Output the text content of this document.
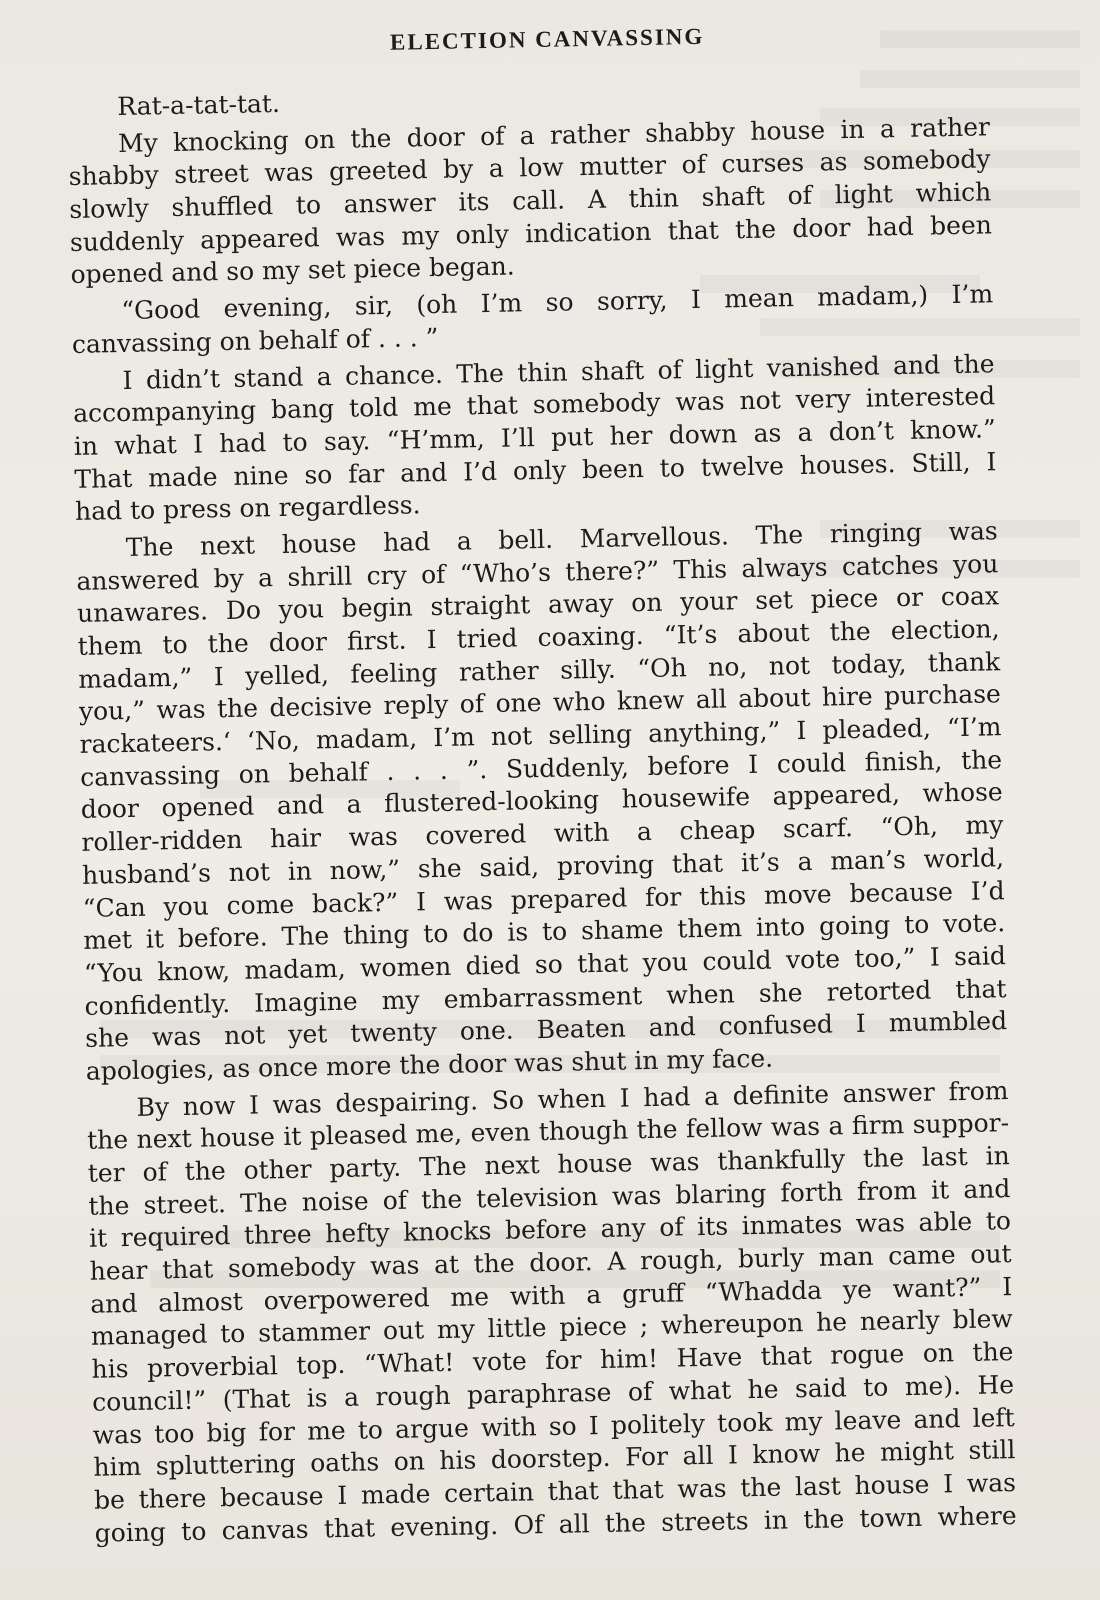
ELECTION CANVASSING
Rat-a-tat-tat.
My knocking on the door of a rather shabby house in a rather
shabby street was greeted by a low mutter of curses as somebody
slowly shuffled to answer its call. A thin shaft of light which
suddenly appeared was my only indication that the door had been
opened and so my set piece began.
“Good evening, sir, (oh I’m so sorry, I mean madam,) I’m
canvassing on behalf of . . . ”
I didn’t stand a chance. The thin shaft of light vanished and the
accompanying bang told me that somebody was not very interested
in what I had to say. “H’mm, I’ll put her down as a don’t know.”
That made nine so far and I’d only been to twelve houses. Still, I
had to press on regardless.
The next house had a bell. Marvellous. The ringing was
answered by a shrill cry of “Who’s there?” This always catches you
unawares. Do you begin straight away on your set piece or coax
them to the door first. I tried coaxing. “It’s about the election,
madam,” I yelled, feeling rather silly. “Oh no, not today, thank
you,” was the decisive reply of one who knew all about hire purchase
rackateers.‘ ‘No, madam, I’m not selling anything,” I pleaded, “I’m
canvassing on behalf . . . ”. Suddenly, before I could finish, the
door opened and a flustered-looking housewife appeared, whose
roller-ridden hair was covered with a cheap scarf. “Oh, my
husband’s not in now,” she said, proving that it’s a man’s world,
“Can you come back?” I was prepared for this move because I’d
met it before. The thing to do is to shame them into going to vote.
“You know, madam, women died so that you could vote too,” I said
confidently. Imagine my embarrassment when she retorted that
she was not yet twenty one. Beaten and confused I mumbled
apologies, as once more the door was shut in my face.
By now I was despairing. So when I had a definite answer from
the next house it pleased me, even though the fellow was a firm suppor-
ter of the other party. The next house was thankfully the last in
the street. The noise of the television was blaring forth from it and
it required three hefty knocks before any of its inmates was able to
hear that somebody was at the door. A rough, burly man came out
and almost overpowered me with a gruff “Whadda ye want?” I
managed to stammer out my little piece ; whereupon he nearly blew
his proverbial top. “What! vote for him! Have that rogue on the
council!” (That is a rough paraphrase of what he said to me). He
was too big for me to argue with so I politely took my leave and left
him spluttering oaths on his doorstep. For all I know he might still
be there because I made certain that that was the last house I was
going to canvas that evening. Of all the streets in the town where
